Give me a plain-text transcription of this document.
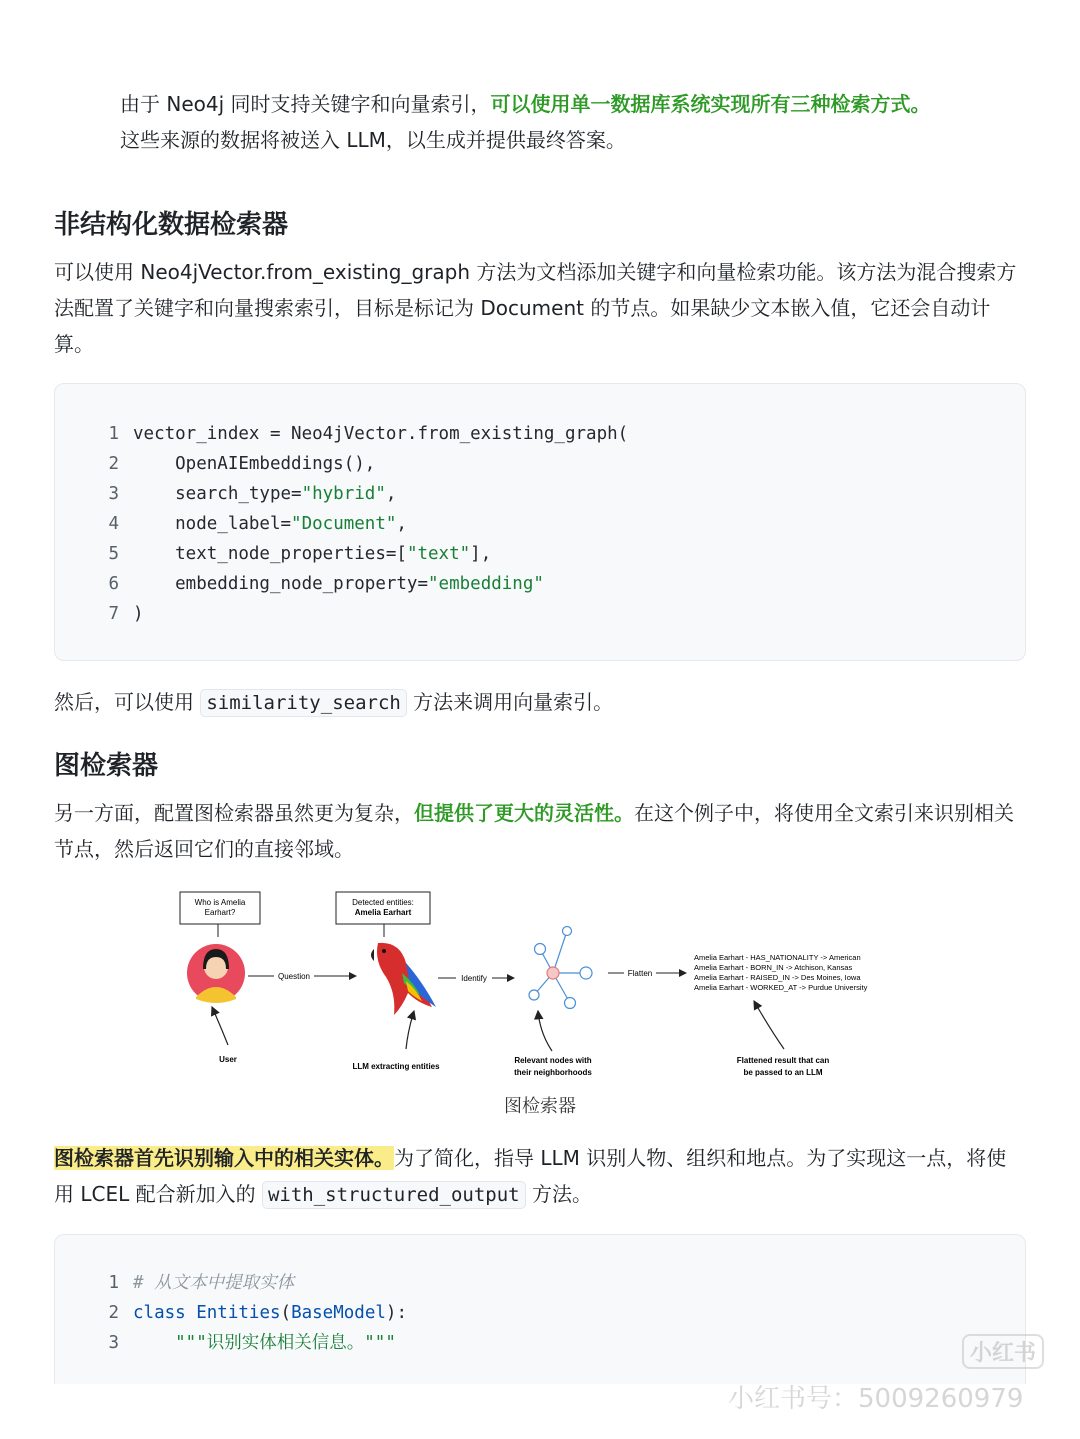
由于 Neo4j 同时支持关键字和向量索引，可以使用单一数据库系统实现所有三种检索方式。
这些来源的数据将被送入 LLM，以生成并提供最终答案。

非结构化数据检索器

可以使用 Neo4jVector.from_existing_graph 方法为文档添加关键字和向量检索功能。该方法为混合搜索方法配置了关键字和向量搜索索引，目标是标记为 Document 的节点。如果缺少文本嵌入值，它还会自动计算。

1 vector_index = Neo4jVector.from_existing_graph(
2    OpenAIEmbeddings(),
3    search_type="hybrid",
4    node_label="Document",
5    text_node_properties=["text"],
6    embedding_node_property="embedding"
7 )

然后，可以使用 similarity_search 方法来调用向量索引。

图检索器

另一方面，配置图检索器虽然更为复杂，但提供了更大的灵活性。在这个例子中，将使用全文索引来识别相关节点，然后返回它们的直接邻域。

Who is Amelia
Earhart?
Question
Detected entities:
Amelia Earhart
Identify
Flatten
Amelia Earhart - HAS_NATIONALITY -> American
Amelia Earhart - BORN_IN -> Atchison, Kansas
Amelia Earhart - RAISED_IN -> Des Moines, Iowa
Amelia Earhart - WORKED_AT -> Purdue University
User
LLM extracting entities
Relevant nodes with
their neighborhoods
Flattened result that can
be passed to an LLM
图检索器

图检索器首先识别输入中的相关实体。为了简化，指导 LLM 识别人物、组织和地点。为了实现这一点，将使用 LCEL 配合新加入的 with_structured_output 方法。

1 # 从文本中提取实体
2 class Entities(BaseModel):
3    """识别实体相关信息。"""	小红书
小红书号：5009260979
